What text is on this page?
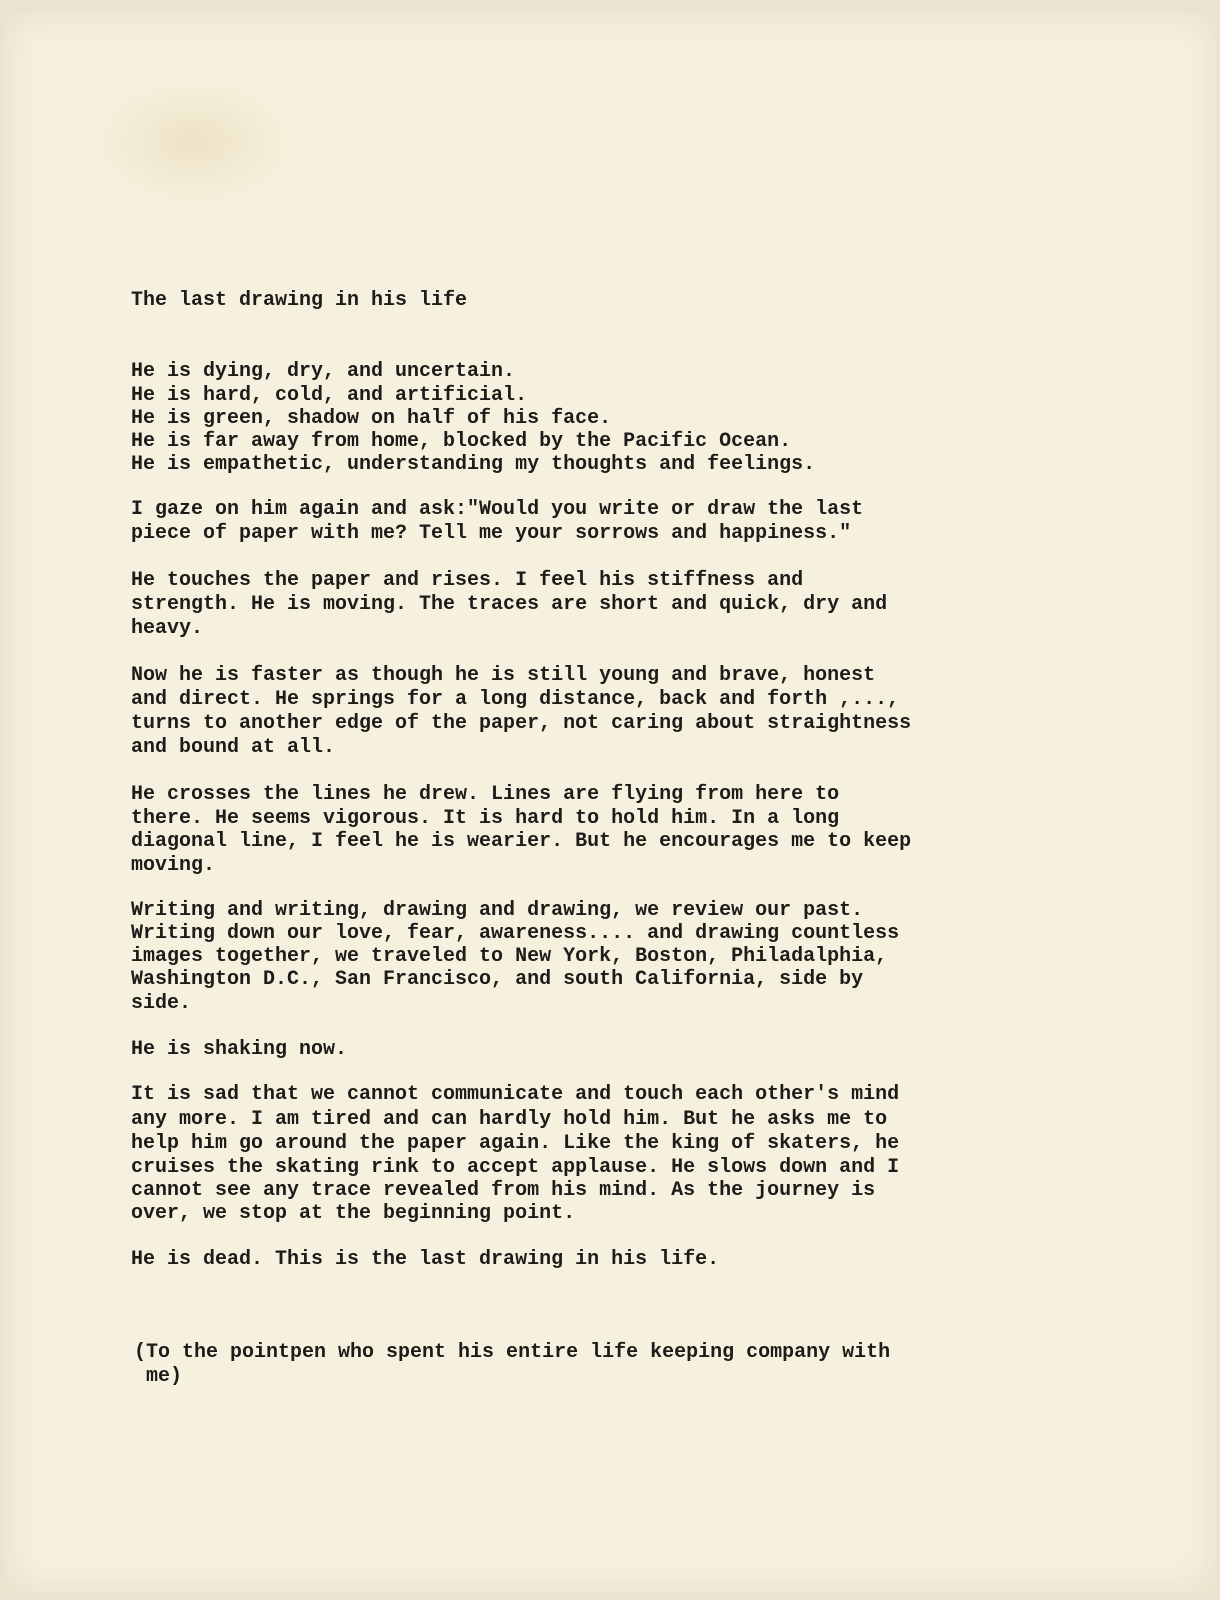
The last drawing in his life

He is dying, dry, and uncertain.

He is hard, cold, and artificial.

He is green, shadow on half of his face.

He is far away from home, blocked by the Pacific Ocean.

He is empathetic, understanding my thoughts and feelings.

I gaze on him again and ask:"Would you write or draw the last

piece of paper with me? Tell me your sorrows and happiness."

He touches the paper and rises. I feel his stiffness and

strength. He is moving. The traces are short and quick, dry and

heavy.

Now he is faster as though he is still young and brave, honest

and direct. He springs for a long distance, back and forth ,...,

turns to another edge of the paper, not caring about straightness

and bound at all.

He crosses the lines he drew. Lines are flying from here to

there. He seems vigorous. It is hard to hold him. In a long

diagonal line, I feel he is wearier. But he encourages me to keep

moving.

Writing and writing, drawing and drawing, we review our past.

Writing down our love, fear, awareness.... and drawing countless

images together, we traveled to New York, Boston, Philadalphia,

Washington D.C., San Francisco, and south California, side by

side.

He is shaking now.

It is sad that we cannot communicate and touch each other's mind

any more. I am tired and can hardly hold him. But he asks me to

help him go around the paper again. Like the king of skaters, he

cruises the skating rink to accept applause. He slows down and I

cannot see any trace revealed from his mind. As the journey is

over, we stop at the beginning point.

He is dead. This is the last drawing in his life.

(To the pointpen who spent his entire life keeping company with

me)
